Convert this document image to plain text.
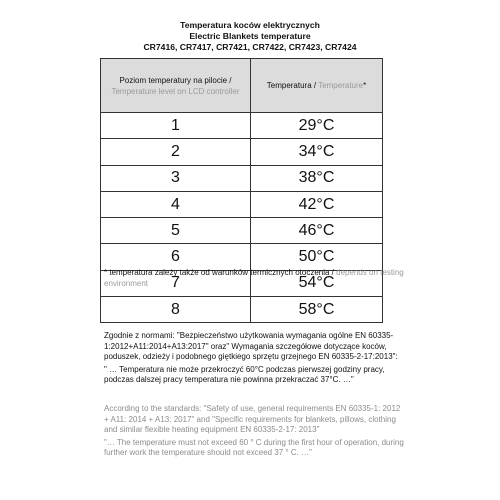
Temperatura koców elektrycznych
Electric Blankets temperature
CR7416, CR7417, CR7421, CR7422, CR7423, CR7424
Poziom temperatury na pilocie /
Temperature level on LCD controller	Temperatura / Temperature*
1	29°C
2	34°C
3	38°C
4	42°C
5	46°C
6	50°C
7	54°C
8	58°C
* temperatura zależy także od warunków termicznych otoczenia / depends on testing environment

Zgodnie z normami: "Bezpieczeństwo użytkowania wymagania ogólne EN 60335-1:2012+A11:2014+A13:2017" oraz" Wymagania szczegółowe dotyczące koców, poduszek, odzieży i podobnego giętkiego sprzętu grzejnego EN 60335-2-17:2013":

" … Temperatura nie może przekroczyć 60°C podczas pierwszej godziny pracy, podczas dalszej pracy temperatura nie powinna przekraczać 37°C. …"

According to the standards: "Safety of use, general requirements EN 60335-1: 2012 + A11: 2014 + A13: 2017" and "Specific requirements for blankets, pillows, clothing and similar flexible heating equipment EN 60335-2-17: 2013"

"… The temperature must not exceed 60 ° C during the first hour of operation, during further work the temperature should not exceed 37 ° C. …"
